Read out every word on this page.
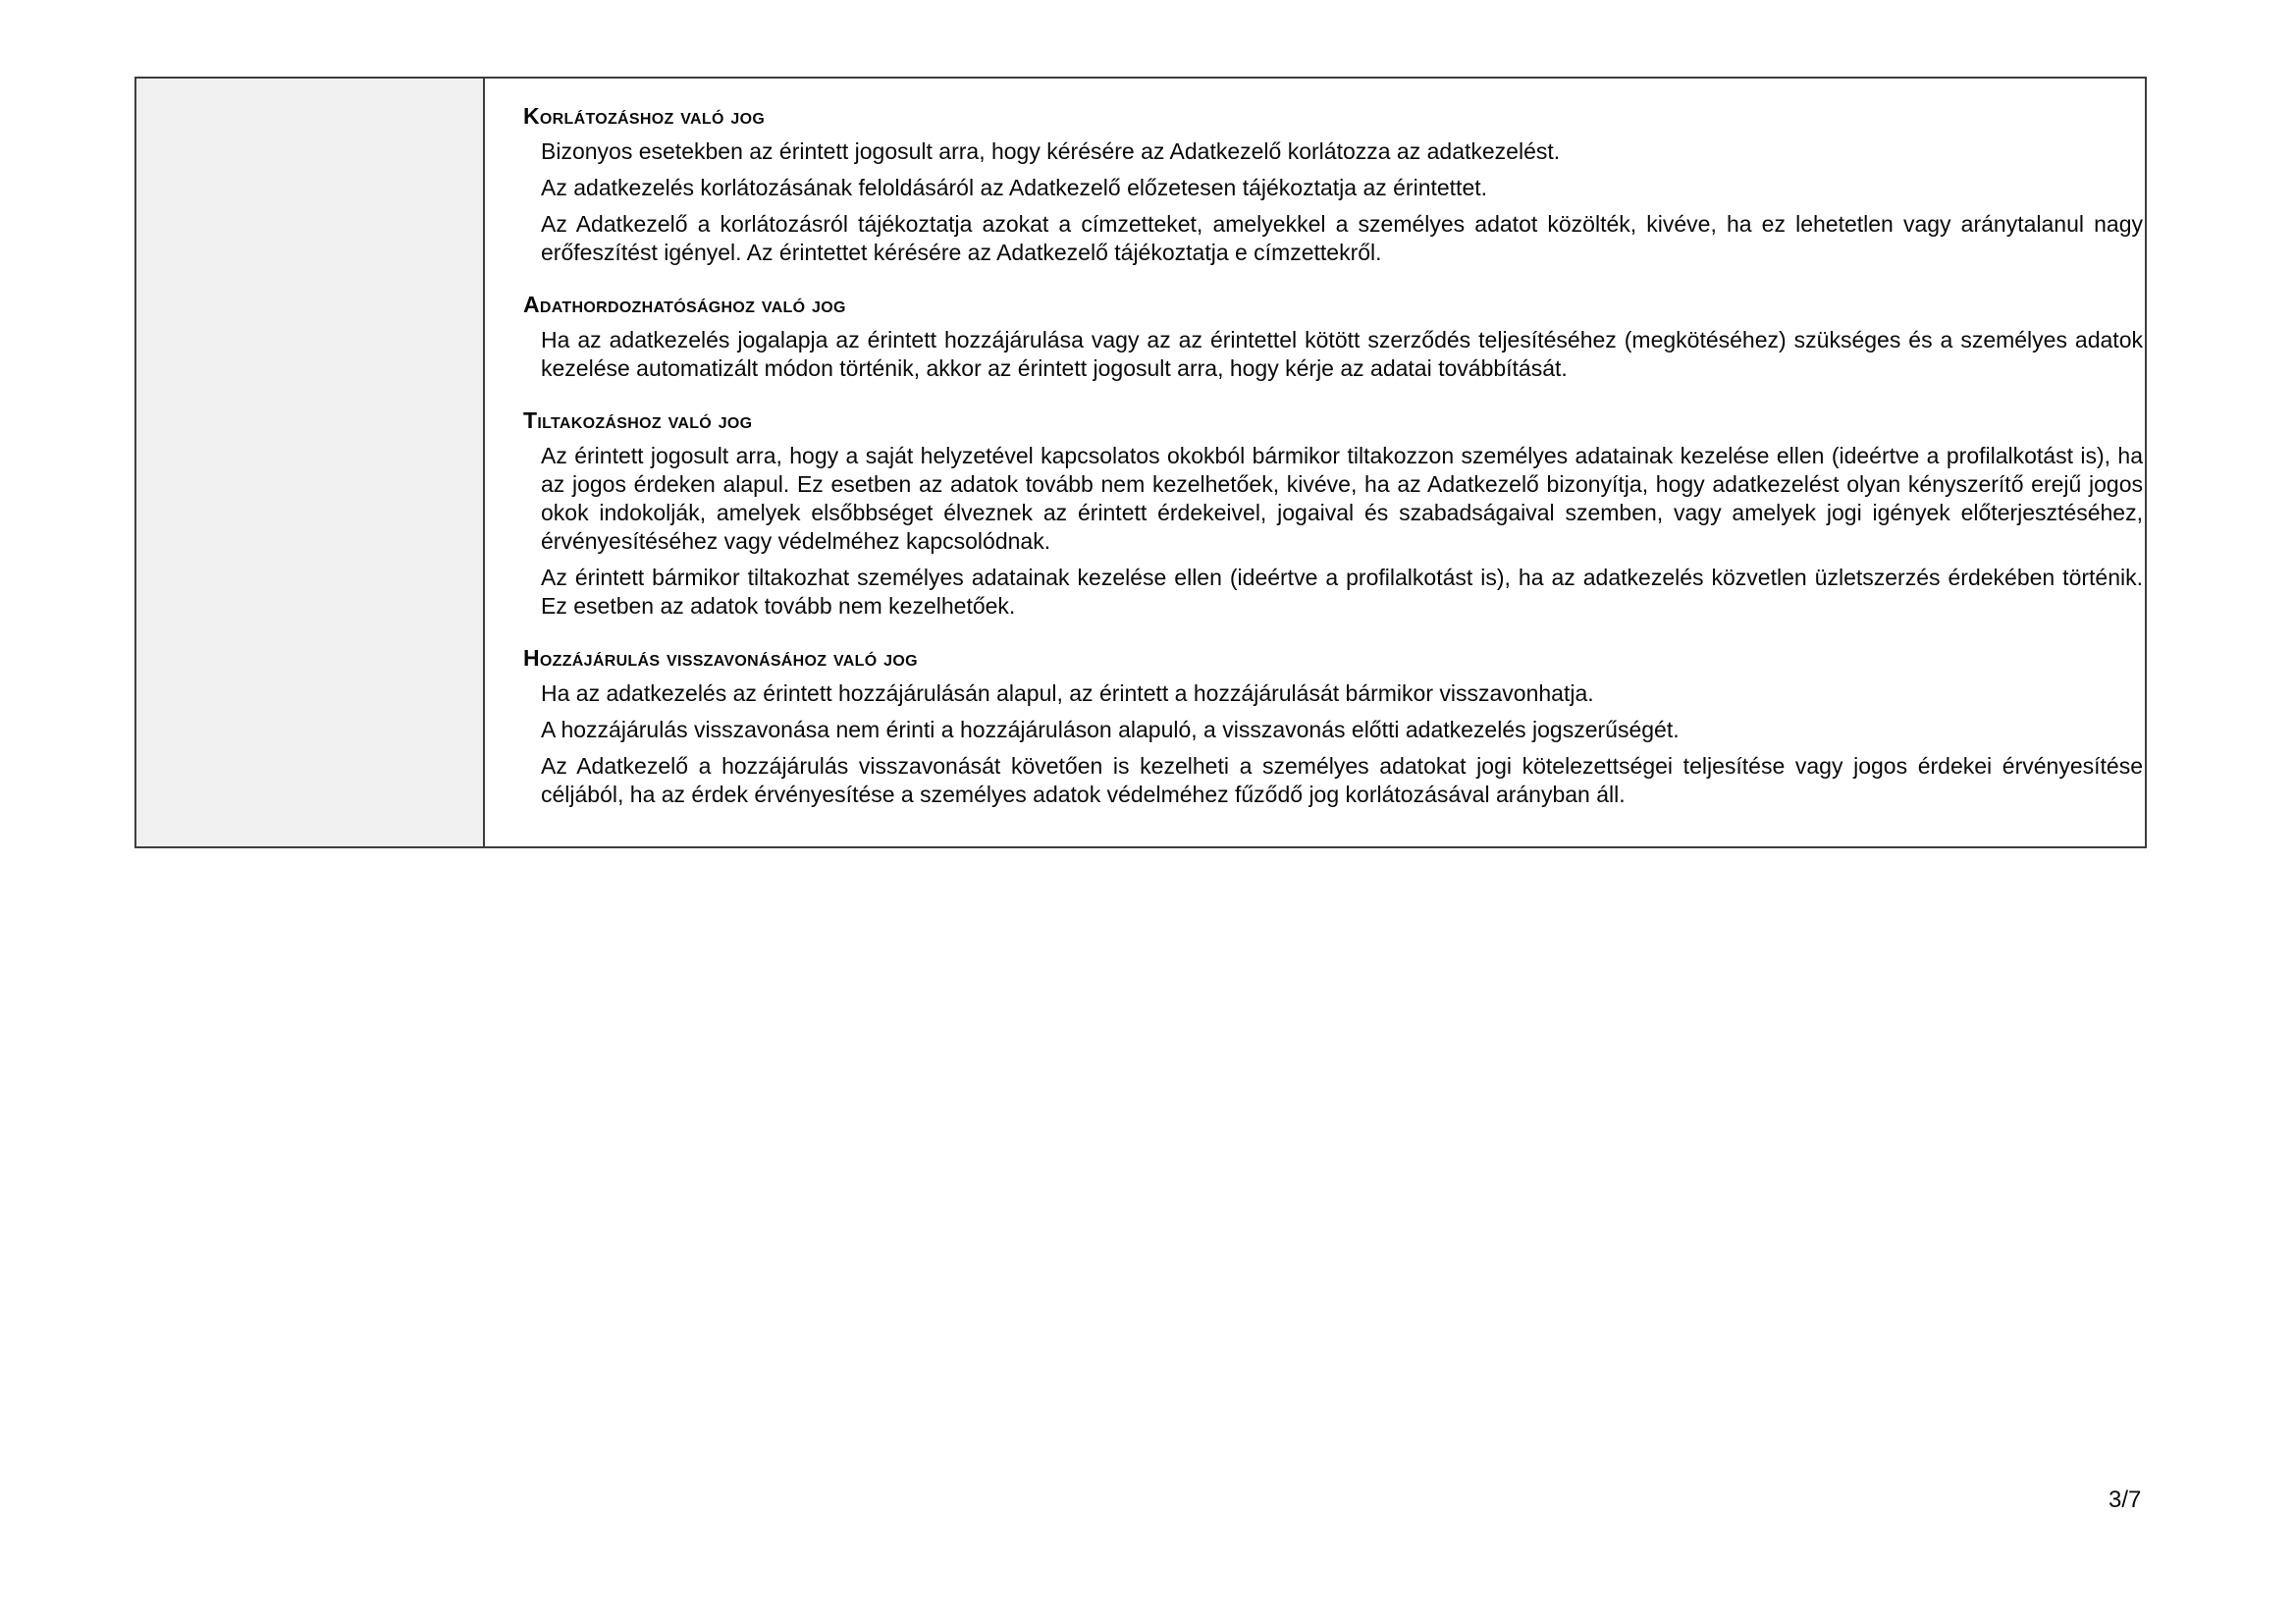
Korlátozáshoz való jog

Bizonyos esetekben az érintett jogosult arra, hogy kérésére az Adatkezelő korlátozza az adatkezelést.

Az adatkezelés korlátozásának feloldásáról az Adatkezelő előzetesen tájékoztatja az érintettet.

Az Adatkezelő a korlátozásról tájékoztatja azokat a címzetteket, amelyekkel a személyes adatot közölték, kivéve, ha ez lehetetlen vagy aránytalanul nagy erőfeszítést igényel. Az érintettet kérésére az Adatkezelő tájékoztatja e címzettekről.

Adathordozhatósághoz való jog

Ha az adatkezelés jogalapja az érintett hozzájárulása vagy az az érintettel kötött szerződés teljesítéséhez (megkötéséhez) szükséges és a személyes adatok kezelése automatizált módon történik, akkor az érintett jogosult arra, hogy kérje az adatai továbbítását.

Tiltakozáshoz való jog

Az érintett jogosult arra, hogy a saját helyzetével kapcsolatos okokból bármikor tiltakozzon személyes adatainak kezelése ellen (ideértve a profilalkotást is), ha az jogos érdeken alapul. Ez esetben az adatok tovább nem kezelhetőek, kivéve, ha az Adatkezelő bizonyítja, hogy adatkezelést olyan kényszerítő erejű jogos okok indokolják, amelyek elsőbbséget élveznek az érintett érdekeivel, jogaival és szabadságaival szemben, vagy amelyek jogi igények előterjesztéséhez, érvényesítéséhez vagy védelméhez kapcsolódnak.

Az érintett bármikor tiltakozhat személyes adatainak kezelése ellen (ideértve a profilalkotást is), ha az adatkezelés közvetlen üzletszerzés érdekében történik. Ez esetben az adatok tovább nem kezelhetőek.

Hozzájárulás visszavonásához való jog

Ha az adatkezelés az érintett hozzájárulásán alapul, az érintett a hozzájárulását bármikor visszavonhatja.

A hozzájárulás visszavonása nem érinti a hozzájáruláson alapuló, a visszavonás előtti adatkezelés jogszerűségét.

Az Adatkezelő a hozzájárulás visszavonását követően is kezelheti a személyes adatokat jogi kötelezettségei teljesítése vagy jogos érdekei érvényesítése céljából, ha az érdek érvényesítése a személyes adatok védelméhez fűződő jog korlátozásával arányban áll.

3/7
